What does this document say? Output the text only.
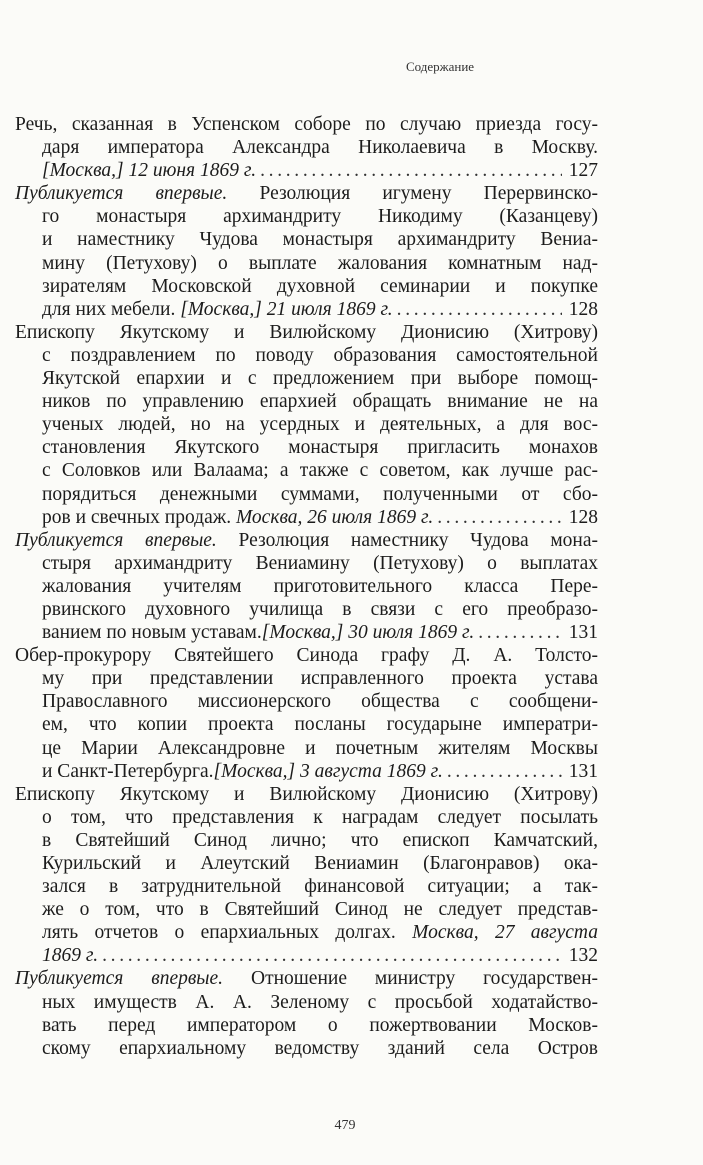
Содержание
Речь, сказанная в Успенском соборе по случаю приезда госу-
даря императора Александра Николаевича в Москву.
[Москва,] 12 июня 1869 г. . . .	127
Публикуется впервые. Резолюция игумену Перервинско-
го монастыря архимандриту Никодиму (Казанцеву)
и наместнику Чудова монастыря архимандриту Вениа-
мину (Петухову) о выплате жалования комнатным над-
зирателям Московской духовной семинарии и покупке
для них мебели. [Москва,] 21 июля 1869 г. . . .	128
Епископу Якутскому и Вилюйскому Дионисию (Хитрову)
с поздравлением по поводу образования самостоятельной
Якутской епархии и с предложением при выборе помощ-
ников по управлению епархией обращать внимание не на
ученых людей, но на усердных и деятельных, а для вос-
становления Якутского монастыря пригласить монахов
с Соловков или Валаама; а также с советом, как лучше рас-
порядиться денежными суммами, полученными от сбо-
ров и свечных продаж. Москва, 26 июля 1869 г. . . .	128
Публикуется впервые. Резолюция наместнику Чудова мона-
стыря архимандриту Вениамину (Петухову) о выплатах
жалования учителям приготовительного класса Пере-
рвинского духовного училища в связи с его преобразо-
ванием по новым уставам.[Москва,] 30 июля 1869 г. . . .	131
Обер-прокурору Святейшего Синода графу Д. А. Толсто-
му при представлении исправленного проекта устава
Православного миссионерского общества с сообщени-
ем, что копии проекта посланы государыне императри-
це Марии Александровне и почетным жителям Москвы
и Санкт-Петербурга.[Москва,] 3 августа 1869 г. . . .	131
Епископу Якутскому и Вилюйскому Дионисию (Хитрову)
о том, что представления к наградам следует посылать
в Святейший Синод лично; что епископ Камчатский,
Курильский и Алеутский Вениамин (Благонравов) ока-
зался в затруднительной финансовой ситуации; а так-
же о том, что в Святейший Синод не следует представ-
лять отчетов о епархиальных долгах. Москва, 27 августа
1869 г. . . .	132
Публикуется впервые. Отношение министру государствен-
ных имуществ А. А. Зеленому с просьбой ходатайство-
вать перед императором о пожертвовании Москов-
скому епархиальному ведомству зданий села Остров
479
